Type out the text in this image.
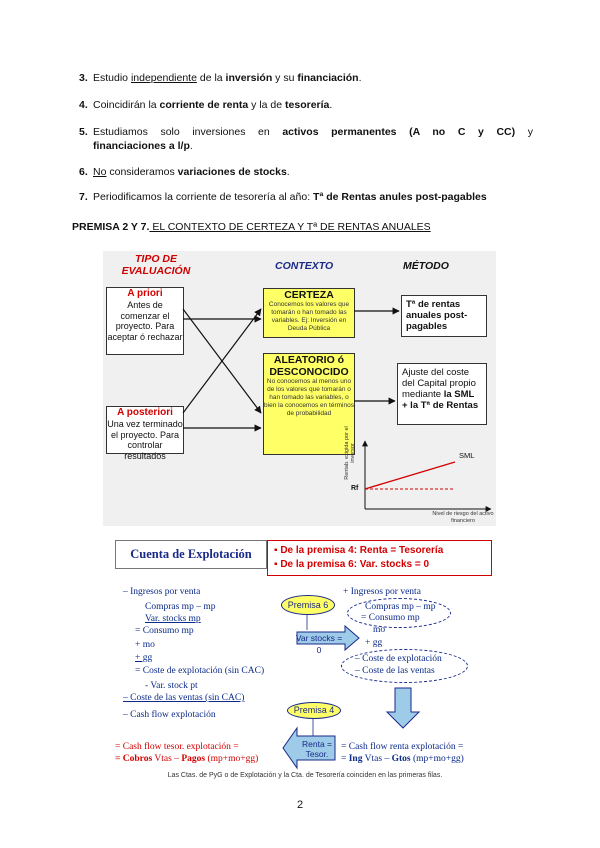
3. Estudio independiente de la inversión y su financiación.
4. Coincidirán la corriente de renta y la de tesorería.
5. Estudiamos solo inversiones en activos permanentes (A no C y CC) y
financiaciones a l/p.
6. No consideramos variaciones de stocks.
7. Periodificamos la corriente de tesorería al año: Tª de Rentas anules post-pagables
PREMISA 2 Y 7. EL CONTEXTO DE CERTEZA Y Tª DE RENTAS ANUALES
TIPO DE
EVALUACIÓN	CONTEXTO	MÉTODO
A priori
Antes de comenzar el proyecto. Para aceptar ó rechazar
A posteriori
Una vez terminado el proyecto. Para controlar resultados
CERTEZA
Conocemos los valores que tomarán o han tomado las variables. Ej: Inversión en Deuda Pública
ALEATORIO ó DESCONOCIDO
No conocemos al menos uno de los valores que tomarán o han tomado las variables, o bien la conocemos en términos de probabilidad
Tª de rentas anuales post-pagables
Ajuste del coste del Capital propio mediante la SML + la Tª de Rentas
SML
Rf
Rentab. exigida por el inversor
Nivel de riesgo del activo financiero
Cuenta de Explotación	▪ De la premisa 4: Renta = Tesorería
▪ De la premisa 6: Var. stocks = 0
– Ingresos por venta
Compras mp – mp
Var. stocks mp
= Consumo mp
+ mo
+ gg
= Coste de explotación (sin CAC)
- Var. stock pt
– Coste de las ventas (sin CAC)
– Cash flow explotación
+ Ingresos por venta
Compras mp – mp
= Consumo mp
mo
+ gg
– Coste de explotación
– Coste de las ventas
Premisa 6
Var stocks = 0
Premisa 4
Renta =
Tesor.
= Cash flow tesor. explotación =
= Cobros Vtas – Pagos (mp+mo+gg)
= Cash flow renta explotación =
= Ing Vtas – Gtos (mp+mo+gg)
Las Ctas. de PyG o de Explotación y la Cta. de Tesorería coinciden en las primeras filas.
2
